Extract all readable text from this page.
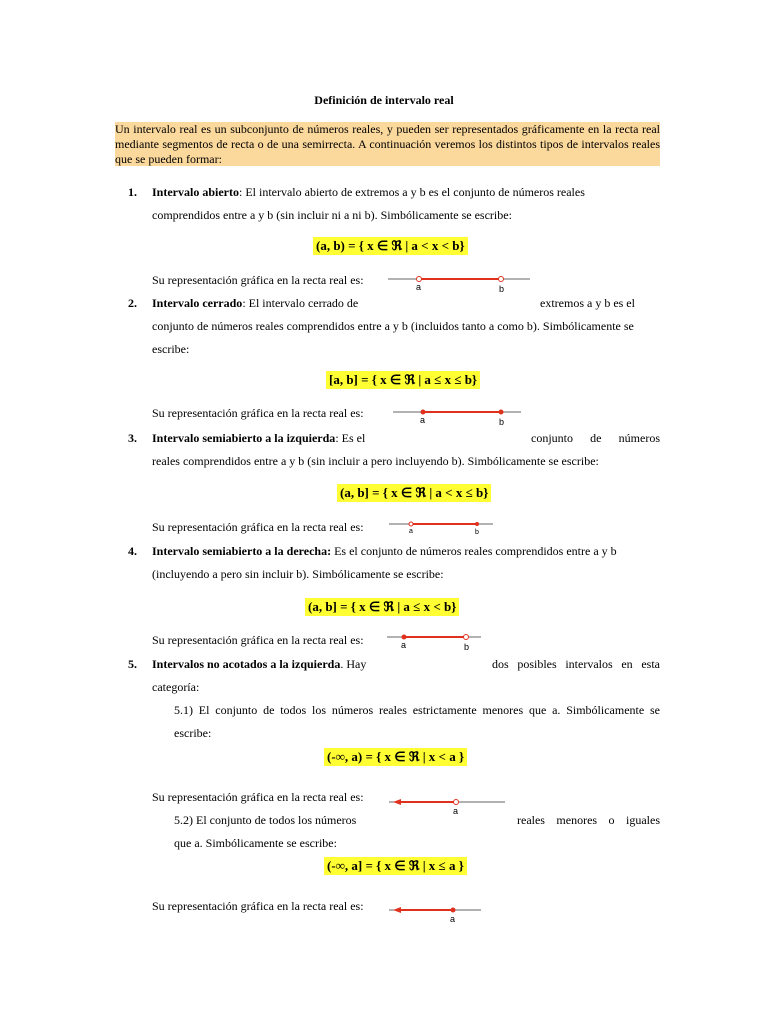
Definición de intervalo real
Un intervalo real es un subconjunto de números reales, y pueden ser representados gráficamente en la recta real mediante segmentos de recta o de una semirrecta. A continuación veremos los distintos tipos de intervalos reales que se pueden formar:
1. Intervalo abierto: El intervalo abierto de extremos a y b es el conjunto de números reales
comprendidos entre a y b (sin incluir ni a ni b). Simbólicamente se escribe:
(a, b) = { x ∈ ℜ | a < x < b}
Su representación gráfica en la recta real es:	a	b
2. Intervalo cerrado: El intervalo cerrado de	extremos a y b es el
conjunto de números reales comprendidos entre a y b (incluidos tanto a como b). Simbólicamente se
escribe:
[a, b] = { x ∈ ℜ | a ≤ x ≤ b}
Su representación gráfica en la recta real es:	a	b
3. Intervalo semiabierto a la izquierda: Es el	conjunto de números
reales comprendidos entre a y b (sin incluir a pero incluyendo b). Simbólicamente se escribe:
(a, b] = { x ∈ ℜ | a < x ≤ b}
Su representación gráfica en la recta real es:	a	b
4. Intervalo semiabierto a la derecha: Es el conjunto de números reales comprendidos entre a y b
(incluyendo a pero sin incluir b). Simbólicamente se escribe:
(a, b] = { x ∈ ℜ | a ≤ x < b}
Su representación gráfica en la recta real es:	a	b
5. Intervalos no acotados a la izquierda. Hay	dos posibles intervalos en esta
categoría:
5.1) El conjunto de todos los números reales estrictamente menores que a. Simbólicamente se
escribe:
(-∞, a) = { x ∈ ℜ | x < a }
Su representación gráfica en la recta real es:
a
5.2) El conjunto de todos los números	reales menores o iguales
que a. Simbólicamente se escribe:
(-∞, a] = { x ∈ ℜ | x ≤ a }
Su representación gráfica en la recta real es:
a
